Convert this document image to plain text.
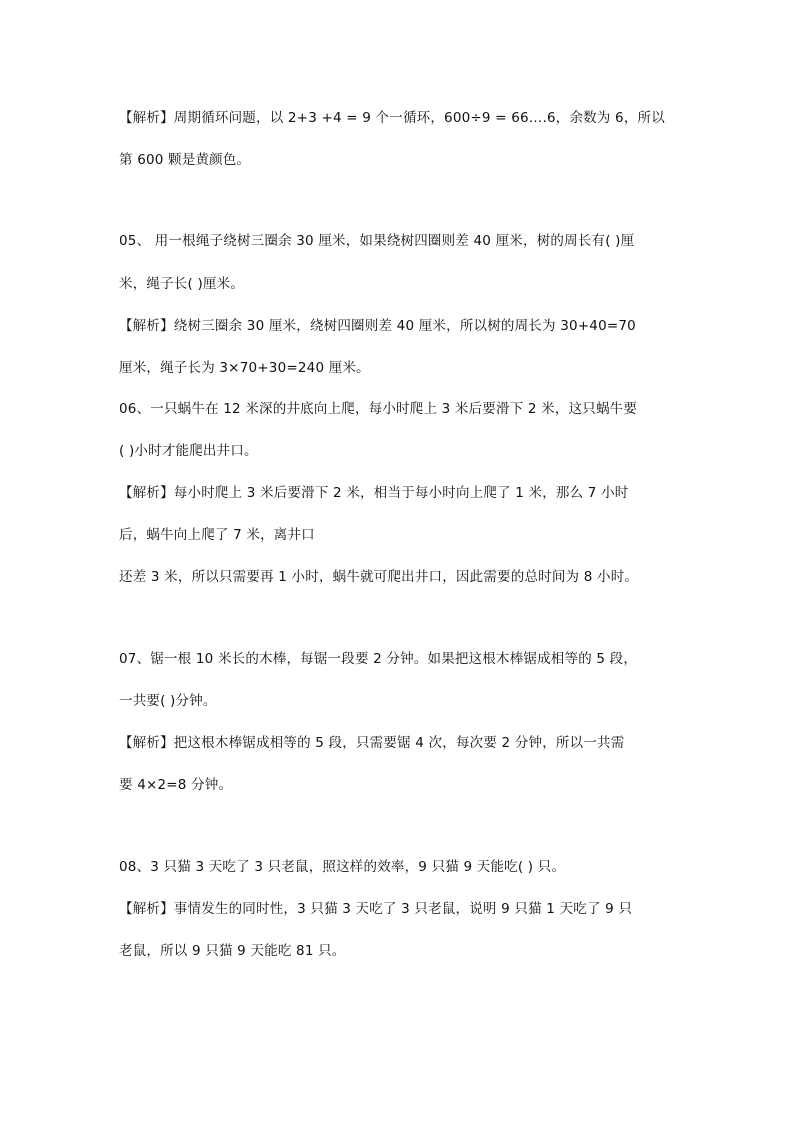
【解析】周期循环问题，以 2+3 +4 = 9 个一循环，600÷9 = 66….6，余数为 6，所以
第 600 颗是黄颜色。
05、 用一根绳子绕树三圈余 30 厘米，如果绕树四圈则差 40 厘米，树的周长有( )厘
米，绳子长( )厘米。
【解析】绕树三圈余 30 厘米，绕树四圈则差 40 厘米，所以树的周长为 30+40=70
厘米，绳子长为 3×70+30=240 厘米。
06、一只蜗牛在 12 米深的井底向上爬，每小时爬上 3 米后要滑下 2 米，这只蜗牛要
( )小时才能爬出井口。
【解析】每小时爬上 3 米后要滑下 2 米，相当于每小时向上爬了 1 米，那么 7 小时
后，蜗牛向上爬了 7 米，离井口
还差 3 米，所以只需要再 1 小时，蜗牛就可爬出井口，因此需要的总时间为 8 小时。
07、锯一根 10 米长的木棒，每锯一段要 2 分钟。如果把这根木棒锯成相等的 5 段，
一共要( )分钟。
【解析】把这根木棒锯成相等的 5 段，只需要锯 4 次，每次要 2 分钟，所以一共需
要 4×2=8 分钟。
08、3 只猫 3 天吃了 3 只老鼠，照这样的效率，9 只猫 9 天能吃( ) 只。
【解析】事情发生的同时性，3 只猫 3 天吃了 3 只老鼠，说明 9 只猫 1 天吃了 9 只
老鼠，所以 9 只猫 9 天能吃 81 只。
